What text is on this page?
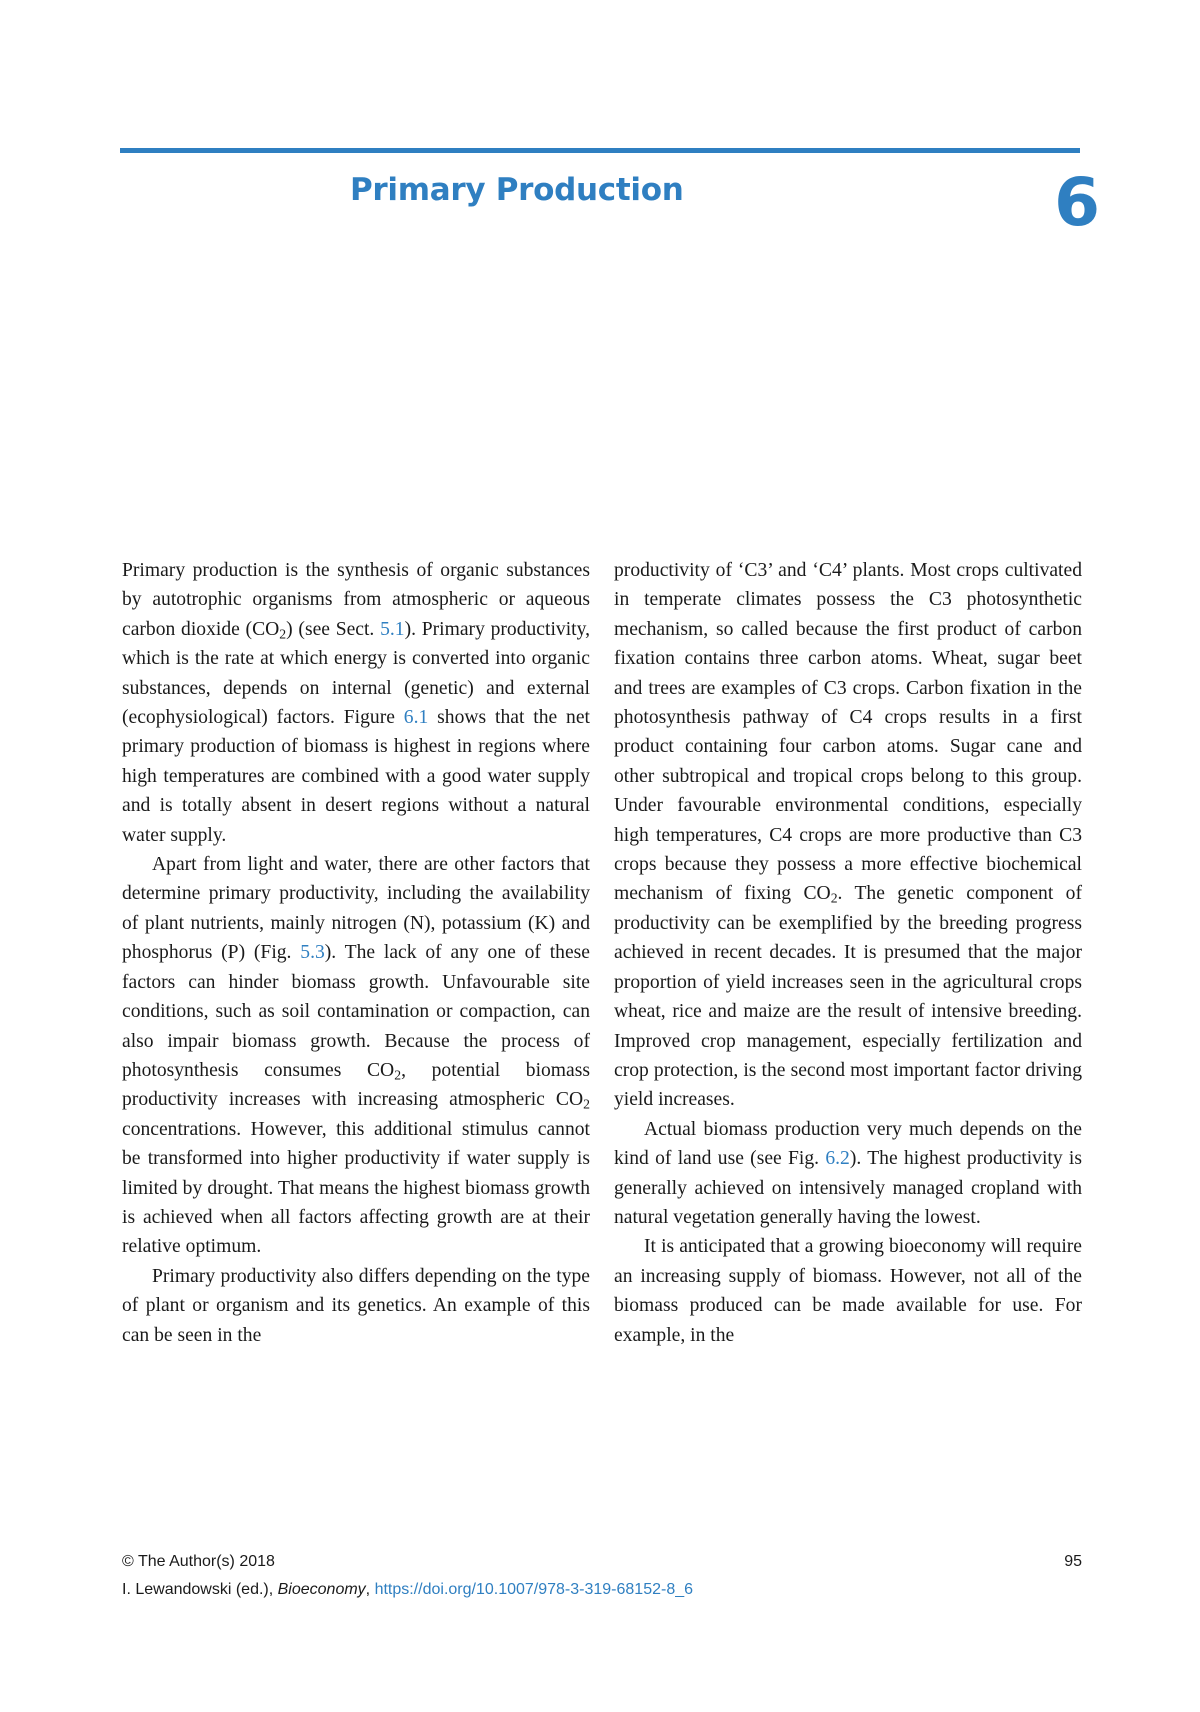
Primary Production	6

Primary production is the synthesis of organic substances by autotrophic organisms from atmospheric or aqueous carbon dioxide $(CO_2)$ (see Sect. 5.1). Primary productivity, which is the rate at which energy is converted into organic substances, depends on internal (genetic) and external (ecophysiological) factors. Figure 6.1 shows that the net primary production of biomass is highest in regions where high temperatures are combined with a good water supply and is totally absent in desert regions without a natural water supply.

Apart from light and water, there are other factors that determine primary productivity, including the availability of plant nutrients, mainly nitrogen (N), potassium (K) and phosphorus (P) (Fig. 5.3). The lack of any one of these factors can hinder biomass growth. Unfavourable site conditions, such as soil contamination or compaction, can also impair biomass growth. Because the process of photosynthesis consumes $CO_2$, potential biomass productivity increases with increasing atmospheric $CO_2$ concentrations. However, this additional stimulus cannot be transformed into higher productivity if water supply is limited by drought. That means the highest biomass growth is achieved when all factors affecting growth are at their relative optimum.

Primary productivity also differs depending on the type of plant or organism and its genetics. An example of this can be seen in the

productivity of ‘C3’ and ‘C4’ plants. Most crops cultivated in temperate climates possess the C3 photosynthetic mechanism, so called because the first product of carbon fixation contains three carbon atoms. Wheat, sugar beet and trees are examples of C3 crops. Carbon fixation in the photosynthesis pathway of C4 crops results in a first product containing four carbon atoms. Sugar cane and other subtropical and tropical crops belong to this group. Under favourable environmental conditions, especially high temperatures, C4 crops are more productive than C3 crops because they possess a more effective biochemical mechanism of fixing $CO_2$. The genetic component of productivity can be exemplified by the breeding progress achieved in recent decades. It is presumed that the major proportion of yield increases seen in the agricultural crops wheat, rice and maize are the result of intensive breeding. Improved crop management, especially fertilization and crop protection, is the second most important factor driving yield increases.

Actual biomass production very much depends on the kind of land use (see Fig. 6.2). The highest productivity is generally achieved on intensively managed cropland with natural vegetation generally having the lowest.

It is anticipated that a growing bioeconomy will require an increasing supply of biomass. However, not all of the biomass produced can be made available for use. For example, in the

© The Author(s) 2018	95
I. Lewandowski (ed.), Bioeconomy, https://doi.org/10.1007/978-3-319-68152-8_6
